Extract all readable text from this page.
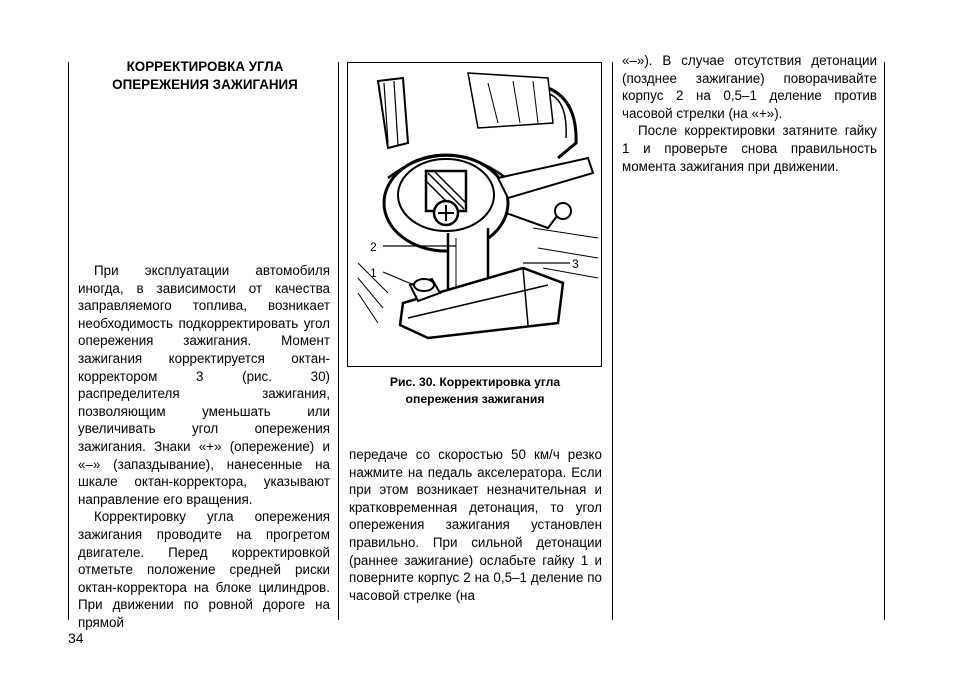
КОРРЕКТИРОВКА УГЛА
ОПЕРЕЖЕНИЯ ЗАЖИГАНИЯ

При эксплуатации автомобиля иногда, в зависимости от качества заправляемого топлива, возникает необходимость подкорректировать угол опережения зажигания. Момент зажигания корректируется октан-корректором 3 (рис. 30) распределителя зажигания, позволяющим уменьшать или увеличивать угол опережения зажигания. Знаки «+» (опережение) и «–» (запаздывание), нанесенные на шкале октан-корректора, указывают направление его вращения.

Корректировку угла опережения зажигания проводите на прогретом двигателе. Перед корректировкой отметьте положение средней риски октан-корректора на блоке цилиндров. При движении по ровной дороге на прямой

2
1
3
Рис. 30. Корректировка угла
опережения зажигания

передаче со скоростью 50 км/ч резко нажмите на педаль акселератора. Если при этом возникает незначительная и кратковременная детонация, то угол опережения зажигания установлен правильно. При сильной детонации (раннее зажигание) ослабьте гайку 1 и поверните корпус 2 на 0,5–1 деление по часовой стрелке (на

«–»). В случае отсутствия детонации (позднее зажигание) поворачивайте корпус 2 на 0,5–1 деление против часовой стрелки (на «+»).

После корректировки затяните гайку 1 и проверьте снова правильность момента зажигания при движении.

34
